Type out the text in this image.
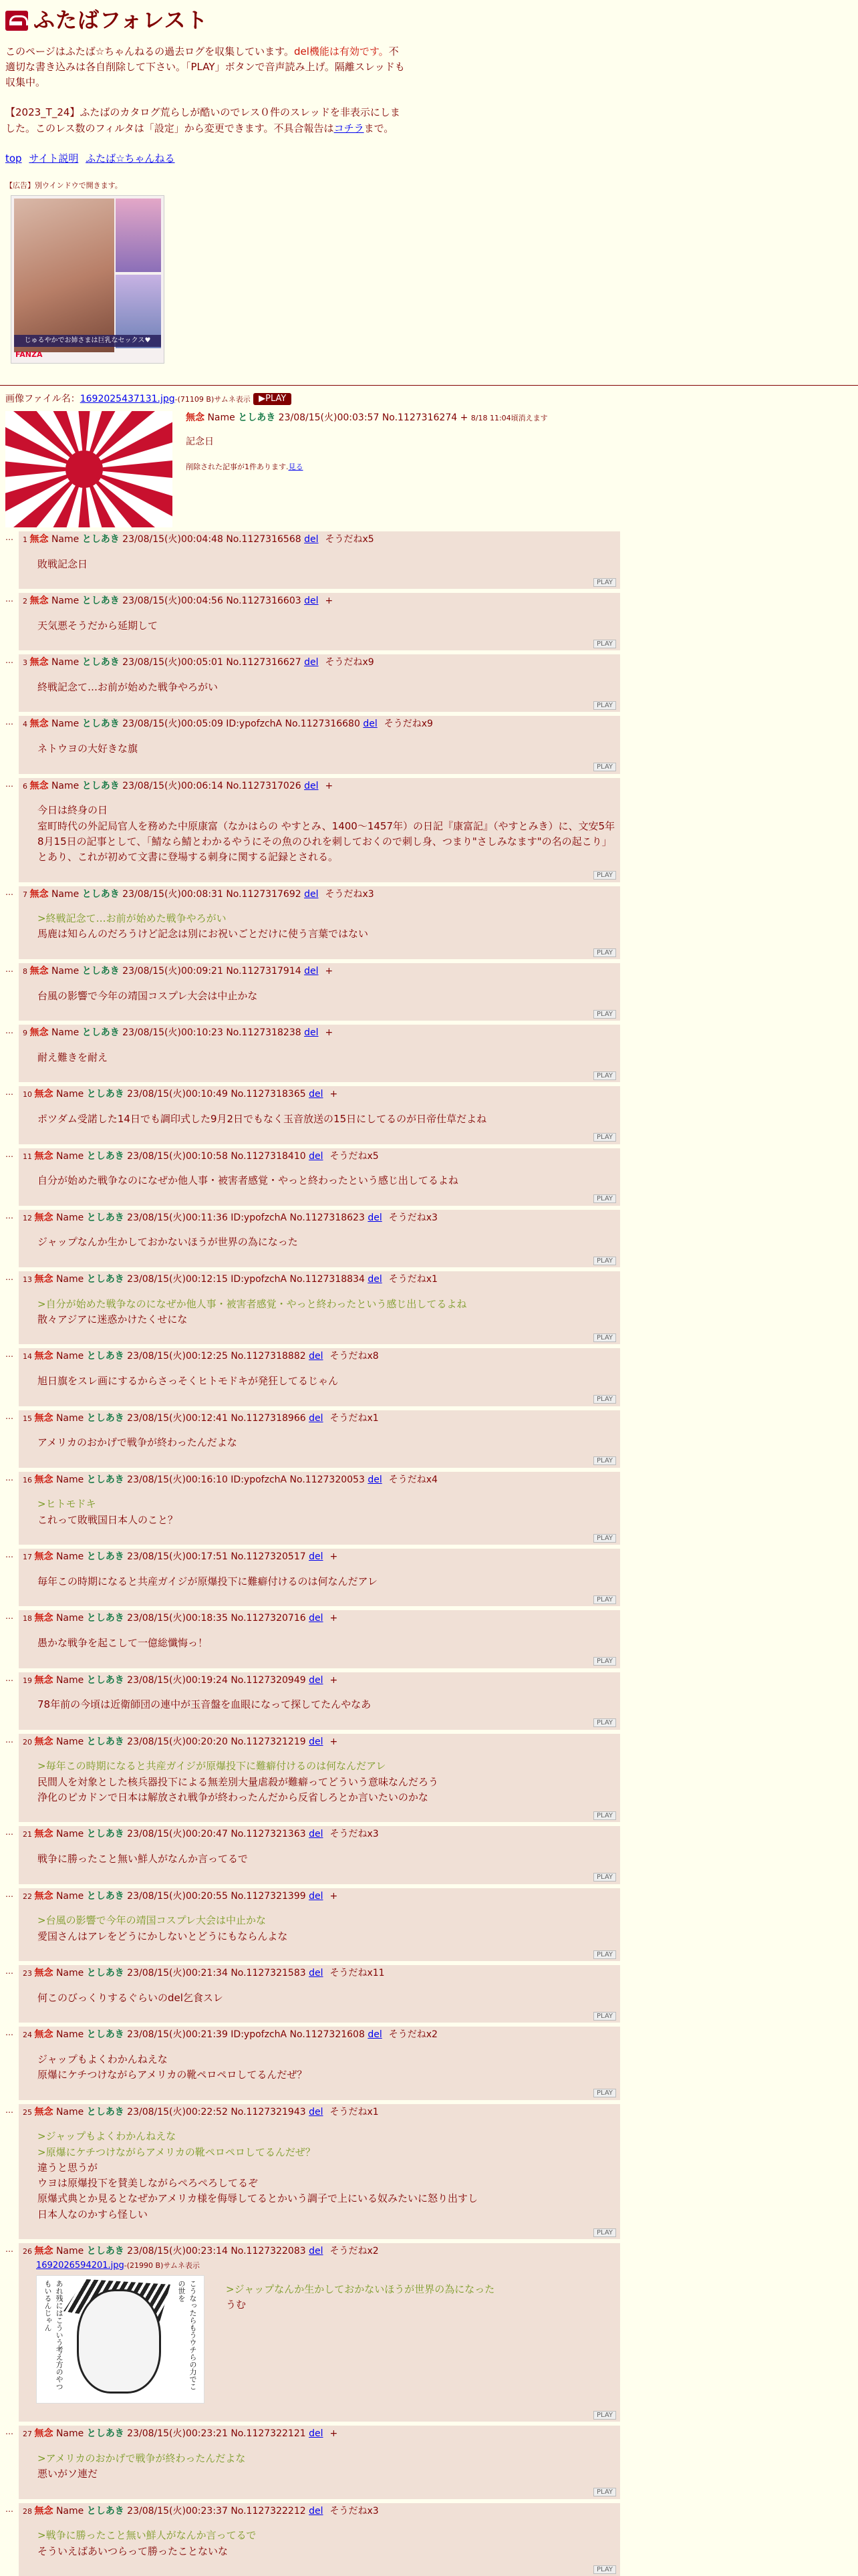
ふたばフォレスト

このページはふたば☆ちゃんねるの過去ログを収集しています。del機能は有効です。不適切な書き込みは各自削除して下さい。「PLAY」ボタンで音声読み上げ。隔離スレッドも収集中。

【2023_T_24】ふたばのカタログ荒らしが酷いのでレス０件のスレッドを非表示にしました。このレス数のフィルタは「設定」から変更できます。不具合報告はコチラまで。

top サイト説明 ふたば☆ちゃんねる
【広告】別ウインドウで開きます。
じゅるやかでお姉さまは巨乳なセックス♥
FANZA
画像ファイル名：1692025437131.jpg-(71109 B)サムネ表示 ▶PLAY
無念 Name としあき 23/08/15(火)00:03:57 No.1127316274 + 8/18 11:04頃消えます
記念日
削除された記事が1件あります.見る
…	1 無念 Name としあき 23/08/15(火)00:04:48 No.1127316568 del そうだねx5
敗戦記念日
PLAY
…	2 無念 Name としあき 23/08/15(火)00:04:56 No.1127316603 del +
天気悪そうだから延期して
PLAY
…	3 無念 Name としあき 23/08/15(火)00:05:01 No.1127316627 del そうだねx9
終戦記念て…お前が始めた戦争やろがい
PLAY
…	4 無念 Name としあき 23/08/15(火)00:05:09 ID:ypofzchA No.1127316680 del そうだねx9
ネトウヨの大好きな旗
PLAY
…	6 無念 Name としあき 23/08/15(火)00:06:14 No.1127317026 del +
今日は終身の日
室町時代の外記局官人を務めた中原康富（なかはらの やすとみ、1400～1457年）の日記『康富記』（やすとみき）に、文安5年8月15日の記事として、「鯖なら鯖とわかるやうにその魚のひれを刺しておくので刺し身、つまり"さしみなます"の名の起こり」とあり、これが初めて文書に登場する刺身に関する記録とされる。
PLAY
…	7 無念 Name としあき 23/08/15(火)00:08:31 No.1127317692 del そうだねx3
>終戦記念て…お前が始めた戦争やろがい
馬鹿は知らんのだろうけど記念は別にお祝いごとだけに使う言葉ではない
PLAY
…	8 無念 Name としあき 23/08/15(火)00:09:21 No.1127317914 del +
台風の影響で今年の靖国コスプレ大会は中止かな
PLAY
…	9 無念 Name としあき 23/08/15(火)00:10:23 No.1127318238 del +
耐え難きを耐え
PLAY
…	10 無念 Name としあき 23/08/15(火)00:10:49 No.1127318365 del +
ポツダム受諾した14日でも調印式した9月2日でもなく玉音放送の15日にしてるのが日帝仕草だよね
PLAY
…	11 無念 Name としあき 23/08/15(火)00:10:58 No.1127318410 del そうだねx5
自分が始めた戦争なのになぜか他人事・被害者感覚・やっと終わったという感じ出してるよね
PLAY
…	12 無念 Name としあき 23/08/15(火)00:11:36 ID:ypofzchA No.1127318623 del そうだねx3
ジャップなんか生かしておかないほうが世界の為になった
PLAY
…	13 無念 Name としあき 23/08/15(火)00:12:15 ID:ypofzchA No.1127318834 del そうだねx1
>自分が始めた戦争なのになぜか他人事・被害者感覚・やっと終わったという感じ出してるよね
散々アジアに迷惑かけたくせにな
PLAY
…	14 無念 Name としあき 23/08/15(火)00:12:25 No.1127318882 del そうだねx8
旭日旗をスレ画にするからさっそくヒトモドキが発狂してるじゃん
PLAY
…	15 無念 Name としあき 23/08/15(火)00:12:41 No.1127318966 del そうだねx1
アメリカのおかげで戦争が終わったんだよな
PLAY
…	16 無念 Name としあき 23/08/15(火)00:16:10 ID:ypofzchA No.1127320053 del そうだねx4
>ヒトモドキ
これって敗戦国日本人のこと？
PLAY
…	17 無念 Name としあき 23/08/15(火)00:17:51 No.1127320517 del +
毎年この時期になると共産ガイジが原爆投下に難癖付けるのは何なんだアレ
PLAY
…	18 無念 Name としあき 23/08/15(火)00:18:35 No.1127320716 del +
愚かな戦争を起こして一億総懺悔っ！
PLAY
…	19 無念 Name としあき 23/08/15(火)00:19:24 No.1127320949 del +
78年前の今頃は近衛師団の連中が玉音盤を血眼になって探してたんやなあ
PLAY
…	20 無念 Name としあき 23/08/15(火)00:20:20 No.1127321219 del +
>毎年この時期になると共産ガイジが原爆投下に難癖付けるのは何なんだアレ
民間人を対象とした核兵器投下による無差別大量虐殺が難癖ってどういう意味なんだろう
浄化のピカドンで日本は解放され戦争が終わったんだから反省しろとか言いたいのかな
PLAY
…	21 無念 Name としあき 23/08/15(火)00:20:47 No.1127321363 del そうだねx3
戦争に勝ったこと無い鮮人がなんか言ってるで
PLAY
…	22 無念 Name としあき 23/08/15(火)00:20:55 No.1127321399 del +
>台風の影響で今年の靖国コスプレ大会は中止かな
愛国さんはアレをどうにかしないとどうにもならんよな
PLAY
…	23 無念 Name としあき 23/08/15(火)00:21:34 No.1127321583 del そうだねx11
何このびっくりするぐらいのdel乞食スレ
PLAY
…	24 無念 Name としあき 23/08/15(火)00:21:39 ID:ypofzchA No.1127321608 del そうだねx2
ジャップもよくわかんねえな
原爆にケチつけながらアメリカの靴ペロペロしてるんだぜ？
PLAY
…	25 無念 Name としあき 23/08/15(火)00:22:52 No.1127321943 del そうだねx1
>ジャップもよくわかんねえな
>原爆にケチつけながらアメリカの靴ペロペロしてるんだぜ？
違うと思うが
ウヨは原爆投下を賛美しながらぺろぺろしてるぞ
原爆式典とか見るとなぜかアメリカ様を侮辱してるとかいう調子で上にいる奴みたいに怒り出すし
日本人なのかすら怪しい
PLAY
…	26 無念 Name としあき 23/08/15(火)00:23:14 No.1127322083 del そうだねx2
1692026594201.jpg-(21990 B)サムネ表示
こうなったらもうウチらの力でこの世を
あれ残にはこういう考え方のやつもいるんじゃん	>ジャップなんか生かしておかないほうが世界の為になった
うむ
PLAY
…	27 無念 Name としあき 23/08/15(火)00:23:21 No.1127322121 del +
>アメリカのおかげで戦争が終わったんだよな
悪いがソ連だ
PLAY
…	28 無念 Name としあき 23/08/15(火)00:23:37 No.1127322212 del そうだねx3
>戦争に勝ったこと無い鮮人がなんか言ってるで
そういえばあいつらって勝ったことないな
PLAY
